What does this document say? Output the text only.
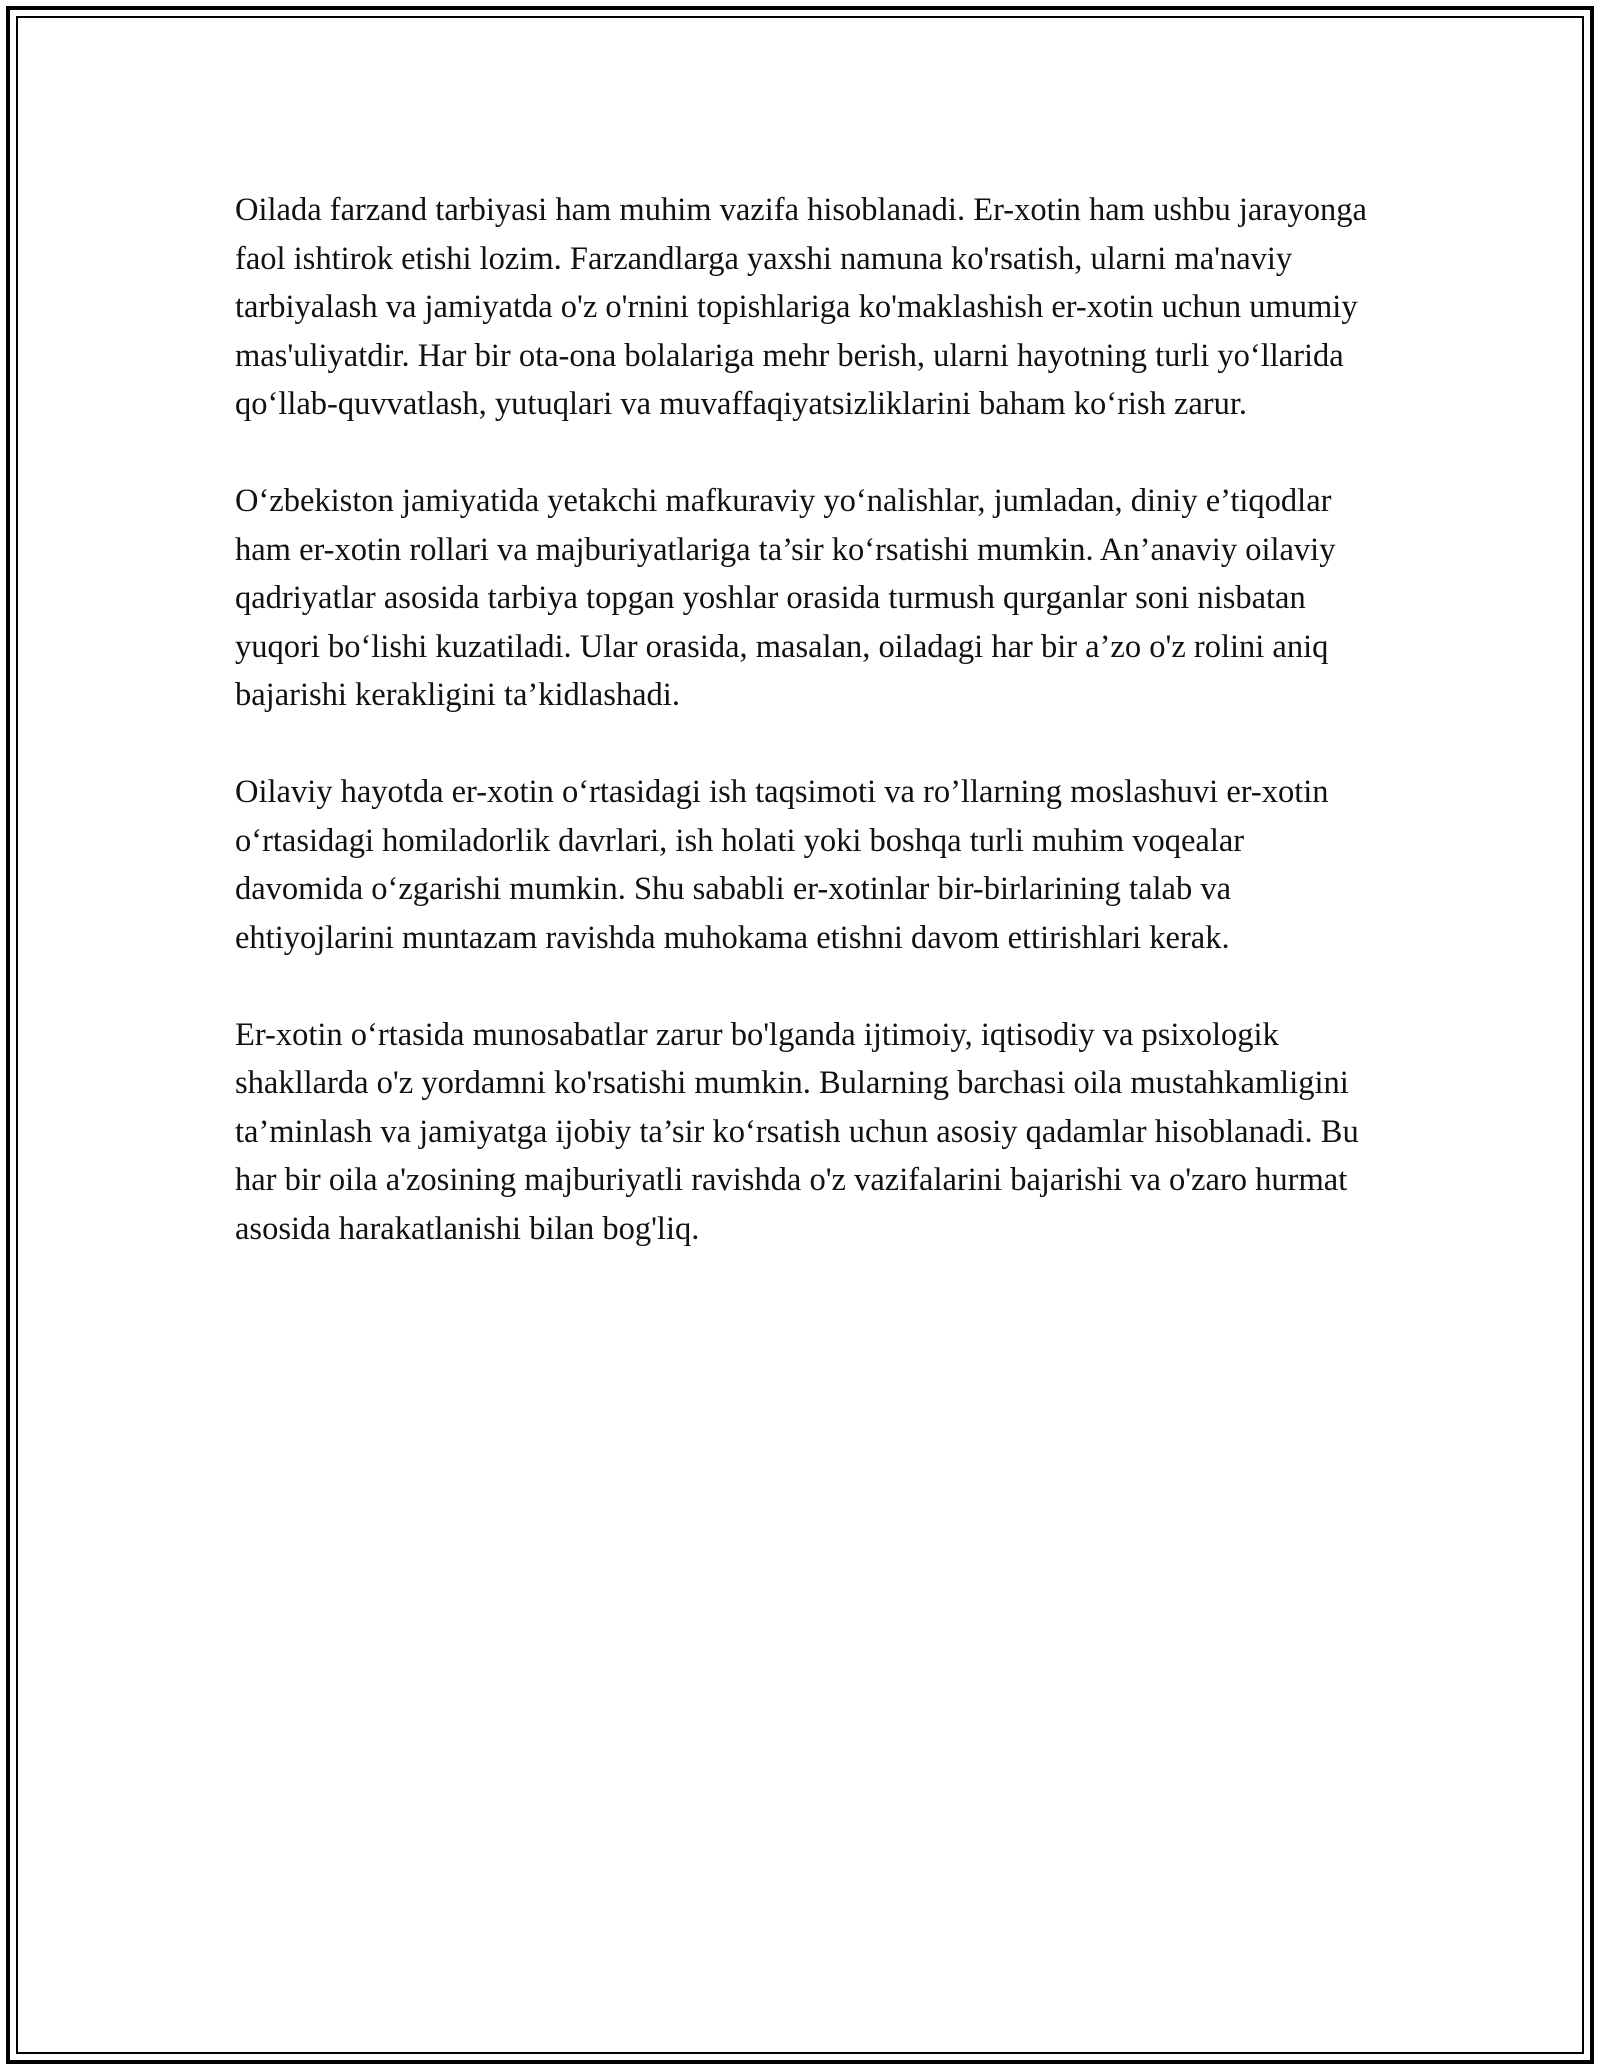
Oilada farzand tarbiyasi ham muhim vazifa hisoblanadi. Er-xotin ham ushbu jarayonga faol ishtirok etishi lozim. Farzandlarga yaxshi namuna ko'rsatish, ularni ma'naviy tarbiyalash va jamiyatda o'z o'rnini topishlariga ko'maklashish er-xotin uchun umumiy mas'uliyatdir. Har bir ota-ona bolalariga mehr berish, ularni hayotning turli yo‘llarida qo‘llab-quvvatlash, yutuqlari va muvaffaqiyatsizliklarini baham ko‘rish zarur.

O‘zbekiston jamiyatida yetakchi mafkuraviy yo‘nalishlar, jumladan, diniy e’tiqodlar ham er-xotin rollari va majburiyatlariga ta’sir ko‘rsatishi mumkin. An’anaviy oilaviy qadriyatlar asosida tarbiya topgan yoshlar orasida turmush qurganlar soni nisbatan yuqori bo‘lishi kuzatiladi. Ular orasida, masalan, oiladagi har bir a’zo o'z rolini aniq bajarishi kerakligini ta’kidlashadi.

Oilaviy hayotda er-xotin o‘rtasidagi ish taqsimoti va ro’llarning moslashuvi er-xotin o‘rtasidagi homiladorlik davrlari, ish holati yoki boshqa turli muhim voqealar davomida o‘zgarishi mumkin. Shu sababli er-xotinlar bir-birlarining talab va ehtiyojlarini muntazam ravishda muhokama etishni davom ettirishlari kerak.

Er-xotin o‘rtasida munosabatlar zarur bo'lganda ijtimoiy, iqtisodiy va psixologik shakllarda o'z yordamni ko'rsatishi mumkin. Bularning barchasi oila mustahkamligini ta’minlash va jamiyatga ijobiy ta’sir ko‘rsatish uchun asosiy qadamlar hisoblanadi. Bu har bir oila a'zosining majburiyatli ravishda o'z vazifalarini bajarishi va o'zaro hurmat asosida harakatlanishi bilan bog'liq.
